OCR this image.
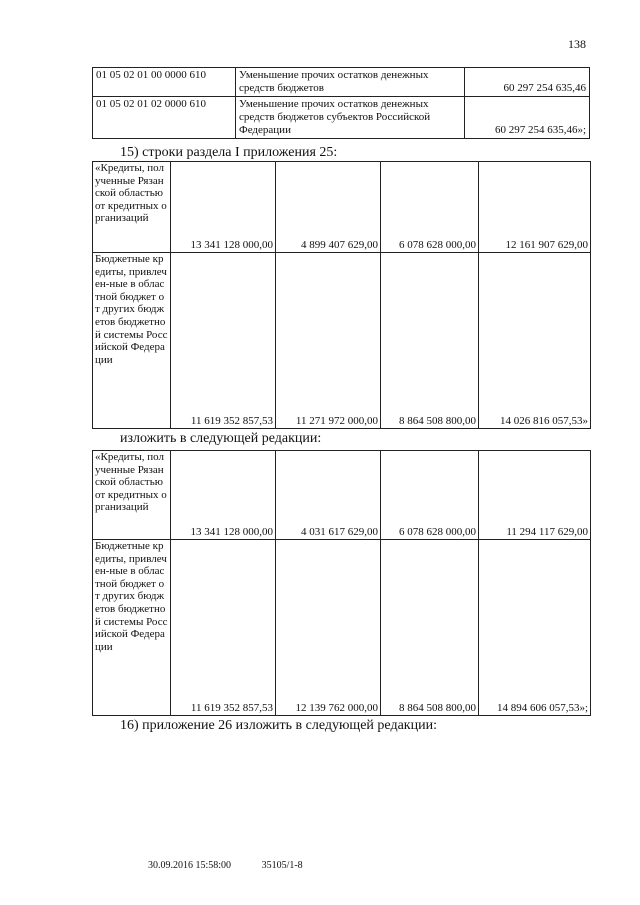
138
01 05 02 01 00 0000 610	Уменьшение прочих остатков денежных средств бюджетов	60 297 254 635,46
01 05 02 01 02 0000 610	Уменьшение прочих остатков денежных средств бюджетов субъектов Российской Федерации	60 297 254 635,46»;
15) строки раздела I приложения 25:
«Кредиты, полученные Рязанской областью от кредитных организаций	13 341 128 000,00	4 899 407 629,00	6 078 628 000,00	12 161 907 629,00
Бюджетные кредиты, привлечен-ные в областной бюджет от других бюджетов бюджетной системы Российской Федерации	11 619 352 857,53	11 271 972 000,00	8 864 508 800,00	14 026 816 057,53»
изложить в следующей редакции:
«Кредиты, полученные Рязанской областью от кредитных организаций	13 341 128 000,00	4 031 617 629,00	6 078 628 000,00	11 294 117 629,00
Бюджетные кредиты, привлечен-ные в областной бюджет от других бюджетов бюджетной системы Российской Федерации	11 619 352 857,53	12 139 762 000,00	8 864 508 800,00	14 894 606 057,53»;
16) приложение 26 изложить в следующей редакции:
30.09.2016 15:58:00	35105/1-8
